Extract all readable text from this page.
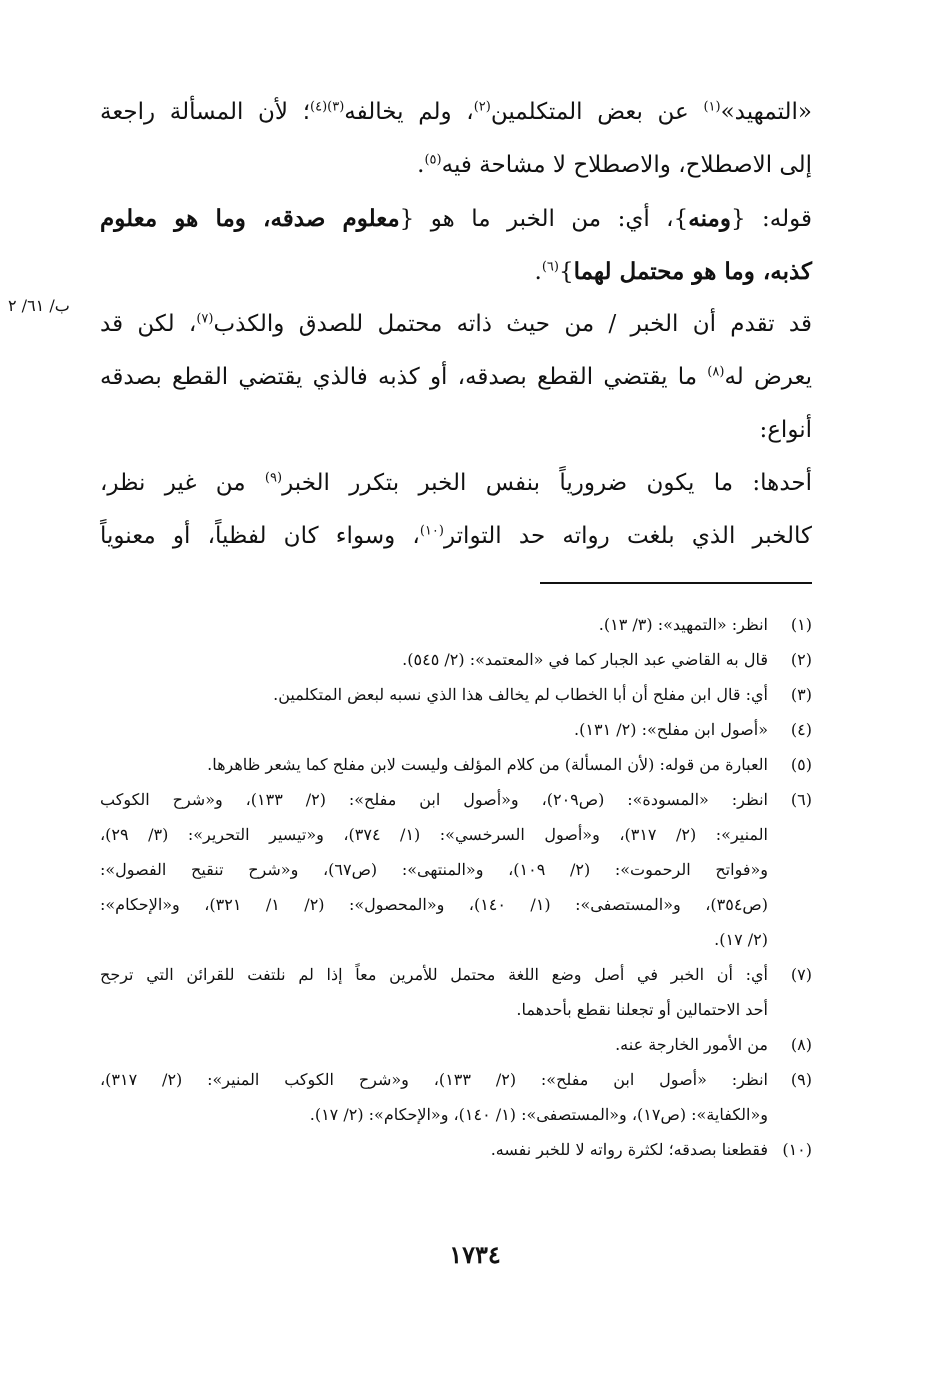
«التمهيد»$^{(١)}$ عن بعض المتكلمين$^{(٢)}$، ولم يخالفه$^{(٣)(٤)}$؛ لأن المسألة راجعة
إلى الاصطلاح، والاصطلاح لا مشاحة فيه$^{(٥)}$.
قوله: {ومنه}، أي: من الخبر ما هو {معلوم صدقه، وما هو معلوم
كذبه، وما هو محتمل لهما}$^{(٦)}$.
قد تقدم أن الخبر / من حيث ذاته محتمل للصدق والكذب$^{(٧)}$، لكن قد
يعرض له$^{(٨)}$ ما يقتضي القطع بصدقه، أو كذبه فالذي يقتضي القطع بصدقه
أنواع:
أحدها: ما يكون ضرورياً بنفس الخبر بتكرر الخبر$^{(٩)}$ من غير نظر،
كالخبر الذي بلغت رواته حد التواتر$^{(١٠)}$، وسواء كان لفظياً، أو معنوياً
ب/ ٦١/ ٢
(١)
انظر: «التمهيد»: (٣/ ١٣).
(٢)
قال به القاضي عبد الجبار كما في «المعتمد»: (٢/ ٥٤٥).
(٣)
أي: قال ابن مفلح أن أبا الخطاب لم يخالف هذا الذي نسبه لبعض المتكلمين.
(٤)
«أصول ابن مفلح»: (٢/ ١٣١).
(٥)
العبارة من قوله: (لأن المسألة) من كلام المؤلف وليست لابن مفلح كما يشعر ظاهرها.
(٦)
انظر: «المسودة»: (ص٢٠٩)، و«أصول ابن مفلح»: (٢/ ١٣٣)، و«شرح الكوكب
المنير»: (٢/ ٣١٧)، و«أصول السرخسي»: (١/ ٣٧٤)، و«تيسير التحرير»: (٣/ ٢٩)،
و«فواتح الرحموت»: (٢/ ١٠٩)، و«المنتهى»: (ص٦٧)، و«شرح تنقيح الفصول»:
(ص٣٥٤)، و«المستصفى»: (١/ ١٤٠)، و«المحصول»: (٢/ ١/ ٣٢١)، و«الإحكام»:
(٢/ ١٧).
(٧)
أي: أن الخبر في أصل وضع اللغة محتمل للأمرين معاً إذا لم نلتفت للقرائن التي ترجح
أحد الاحتمالين أو تجعلنا نقطع بأحدهما.
(٨)
من الأمور الخارجة عنه.
(٩)
انظر: «أصول ابن مفلح»: (٢/ ١٣٣)، و«شرح الكوكب المنير»: (٢/ ٣١٧)،
و«الكفاية»: (ص١٧)، و«المستصفى»: (١/ ١٤٠)، و«الإحكام»: (٢/ ١٧).
(١٠)
فقطعنا بصدقه؛ لكثرة رواته لا للخبر نفسه.
١٧٣٤
